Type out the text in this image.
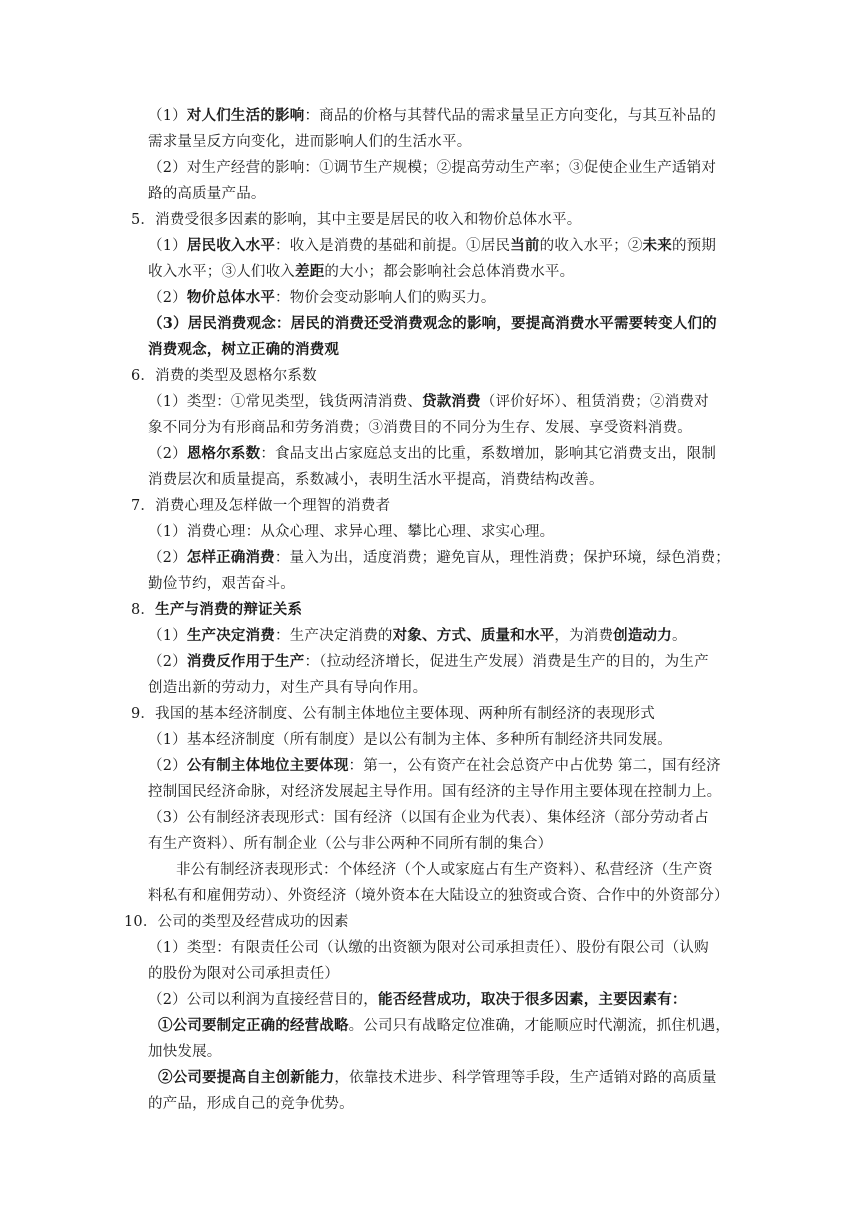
（1）对人们生活的影响：商品的价格与其替代品的需求量呈正方向变化，与其互补品的
需求量呈反方向变化，进而影响人们的生活水平。
（2）对生产经营的影响：①调节生产规模；②提高劳动生产率；③促使企业生产适销对
路的高质量产品。
5．消费受很多因素的影响，其中主要是居民的收入和物价总体水平。
（1）居民收入水平：收入是消费的基础和前提。①居民当前的收入水平；②未来的预期
收入水平；③人们收入差距的大小；都会影响社会总体消费水平。
（2）物价总体水平：物价会变动影响人们的购买力。
（3）居民消费观念：居民的消费还受消费观念的影响，要提高消费水平需要转变人们的
消费观念，树立正确的消费观
6．消费的类型及恩格尔系数
（1）类型：①常见类型，钱货两清消费、贷款消费（评价好坏）、租赁消费；②消费对
象不同分为有形商品和劳务消费；③消费目的不同分为生存、发展、享受资料消费。
（2）恩格尔系数：食品支出占家庭总支出的比重，系数增加，影响其它消费支出，限制
消费层次和质量提高，系数减小，表明生活水平提高，消费结构改善。
7．消费心理及怎样做一个理智的消费者
（1）消费心理：从众心理、求异心理、攀比心理、求实心理。
（2）怎样正确消费：量入为出，适度消费；避免盲从，理性消费；保护环境，绿色消费；
勤俭节约，艰苦奋斗。
8．生产与消费的辩证关系
（1）生产决定消费：生产决定消费的对象、方式、质量和水平，为消费创造动力。
（2）消费反作用于生产：（拉动经济增长，促进生产发展）消费是生产的目的，为生产
创造出新的劳动力，对生产具有导向作用。
9．我国的基本经济制度、公有制主体地位主要体现、两种所有制经济的表现形式
（1）基本经济制度（所有制度）是以公有制为主体、多种所有制经济共同发展。
（2）公有制主体地位主要体现：第一，公有资产在社会总资产中占优势 第二，国有经济
控制国民经济命脉，对经济发展起主导作用。国有经济的主导作用主要体现在控制力上。
（3）公有制经济表现形式：国有经济（以国有企业为代表）、集体经济（部分劳动者占
有生产资料）、所有制企业（公与非公两种不同所有制的集合）
非公有制经济表现形式：个体经济（个人或家庭占有生产资料）、私营经济（生产资
料私有和雇佣劳动）、外资经济（境外资本在大陆设立的独资或合资、合作中的外资部分）
10．公司的类型及经营成功的因素
（1）类型：有限责任公司（认缴的出资额为限对公司承担责任）、股份有限公司（认购
的股份为限对公司承担责任）
（2）公司以利润为直接经营目的，能否经营成功，取决于很多因素，主要因素有：
①公司要制定正确的经营战略。公司只有战略定位准确，才能顺应时代潮流，抓住机遇，
加快发展。
②公司要提高自主创新能力，依靠技术进步、科学管理等手段，生产适销对路的高质量
的产品，形成自己的竞争优势。
